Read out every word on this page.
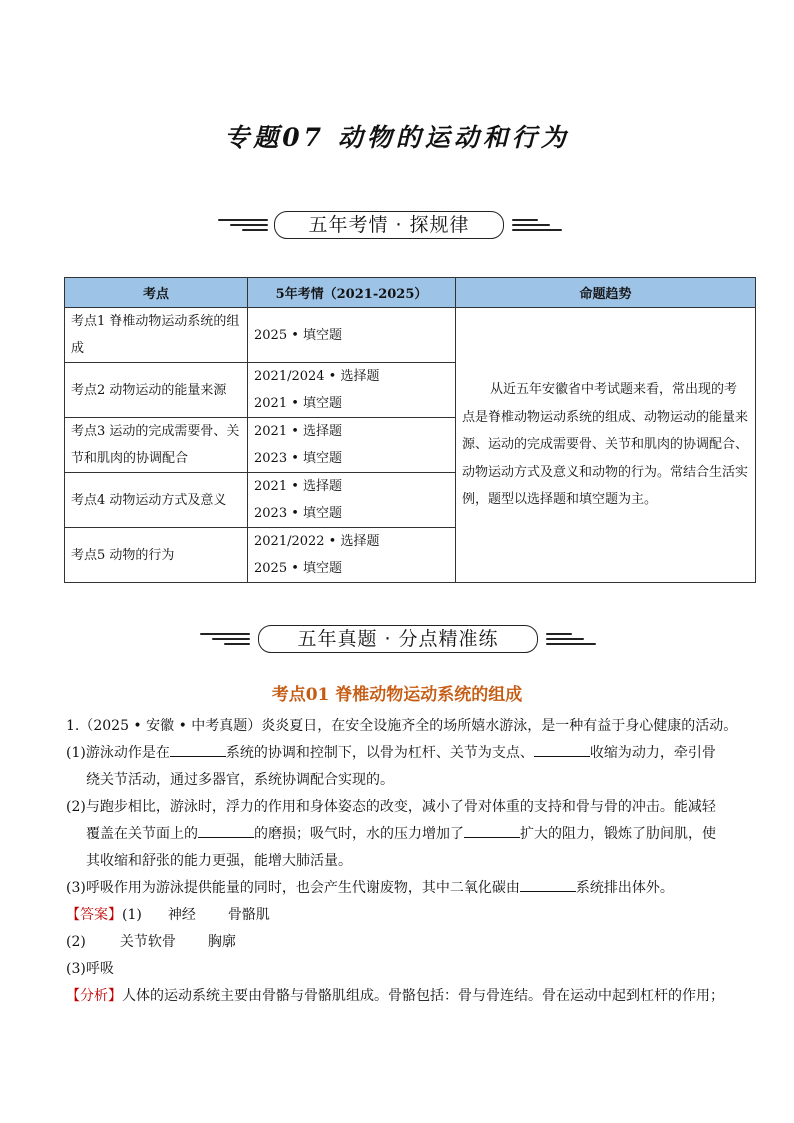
专题07 动物的运动和行为
五年考情 · 探规律
考点	5年考情（2021-2025）	命题趋势
考点1 脊椎动物运动系统的组成	2025 • 填空题	从近五年安徽省中考试题来看，常出现的考点是脊椎动物运动系统的组成、动物运动的能量来源、运动的完成需要骨、关节和肌肉的协调配合、动物运动方式及意义和动物的行为。常结合生活实例，题型以选择题和填空题为主。

考点2 动物运动的能量来源	2021/2024 • 选择题
2021 • 填空题	

考点3 运动的完成需要骨、关节和肌肉的协调配合	2021 • 选择题
2023 • 填空题	

考点4 动物运动方式及意义	2021 • 选择题
2023 • 填空题	

考点5 动物的行为	2021/2022 • 选择题
2025 • 填空题	
五年真题 · 分点精准练
考点01 脊椎动物运动系统的组成
1.（2025 • 安徽 • 中考真题）炎炎夏日，在安全设施齐全的场所嬉水游泳，是一种有益于身心健康的活动。
(1)游泳动作是在	系统的协调和控制下，以骨为杠杆、关节为支点、	收缩为动力，牵引骨
绕关节活动，通过多器官，系统协调配合实现的。
(2)与跑步相比，游泳时，浮力的作用和身体姿态的改变，减小了骨对体重的支持和骨与骨的冲击。能减轻
覆盖在关节面上的	的磨损；吸气时，水的压力增加了	扩大的阻力，锻炼了肋间肌，使
其收缩和舒张的能力更强，能增大肺活量。
(3)呼吸作用为游泳提供能量的同时，也会产生代谢废物，其中二氧化碳由	系统排出体外。
【答案】(1) 神经 骨骼肌
(2) 关节软骨 胸廓
(3)呼吸
【分析】人体的运动系统主要由骨骼与骨骼肌组成。骨骼包括：骨与骨连结。骨在运动中起到杠杆的作用；
